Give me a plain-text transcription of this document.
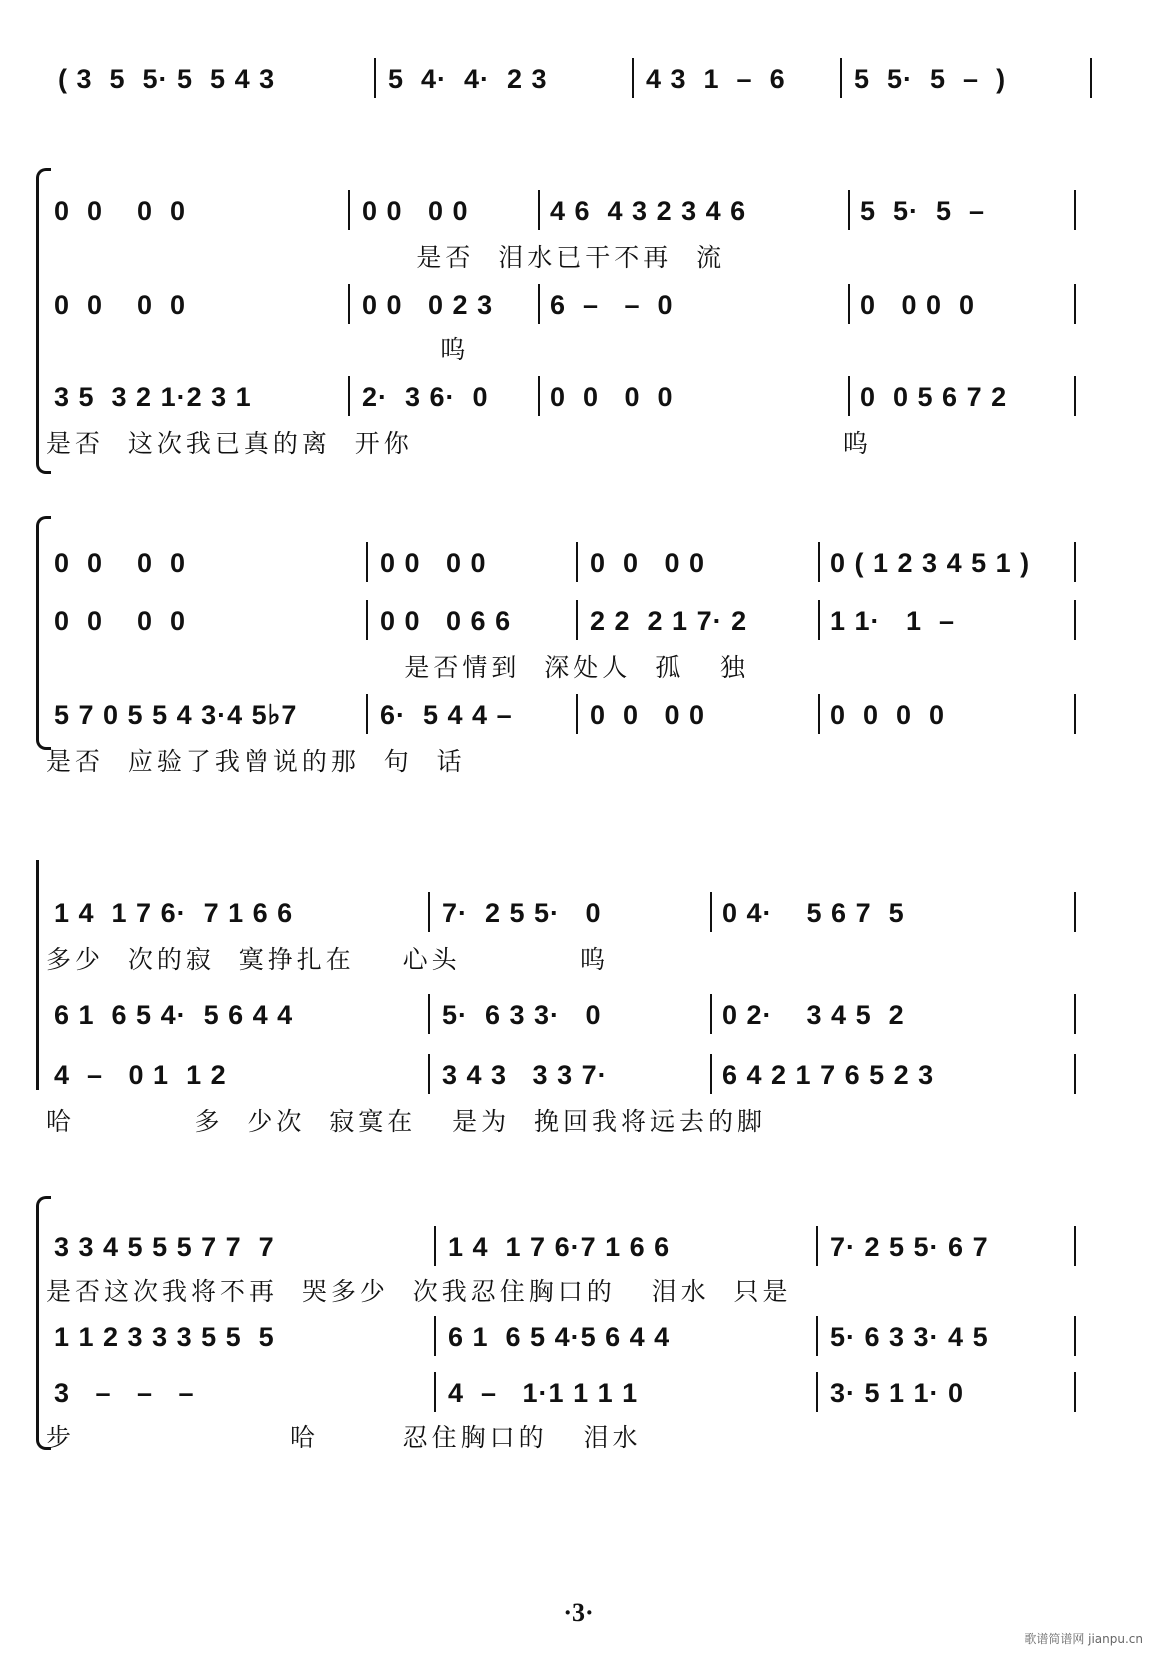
( 3  5  5· 5  5 4 3	5  4·  4·  2 3	4 3  1  –  6	5  5·  5  –  )
0  0    0  0	0 0   0 0	4 6  4 3 2 3 4 6	5  5·  5  –
是否  泪水已干不再  流
0  0    0  0	0 0   0 2 3 6  –   –  0	0   0 0  0
呜
3 5  3 2 1·2 3 1	2·  3 6·  0 0  0   0  0	0  0 5 6 7 2
是否  这次我已真的离  开你                                    呜
0  0    0  0	0 0   0 0	0  0   0 0	0 ( 1 2 3 4 5 1 )
0  0    0  0	0 0   0 6 6	2 2  2 1 7· 2	1 1·   1  –
是否情到  深处人  孤   独
5 7 0 5 5 4 3·4 5♭7	6·  5 4 4 –	0  0   0 0	0  0  0  0
是否  应验了我曾说的那  句  话
1 4  1 7 6·  7 1 6 6	7·  2 5 5·   0	0 4·    5 6 7  5
多少  次的寂  寞挣扎在    心头          呜
6 1  6 5 4·  5 6 4 4	5·  6 3 3·   0	0 2·    3 4 5  2
4  –   0 1  1 2	3 4 3   3 3 7·	6 4 2 1 7 6 5 2 3
哈          多  少次  寂寞在   是为  挽回我将远去的脚
3 3 4 5 5 5 7 7  7	1 4  1 7 6·7 1 6 6	7· 2 5 5· 6 7
是否这次我将不再  哭多少  次我忍住胸口的   泪水  只是
1 1 2 3 3 3 5 5  5	6 1  6 5 4·5 6 4 4	5· 6 3 3· 4 5
3   –   –   –	4  –   1·1 1 1 1	3· 5 1 1· 0
步                  哈       忍住胸口的   泪水
·3·
歌谱简谱网 jianpu.cn
